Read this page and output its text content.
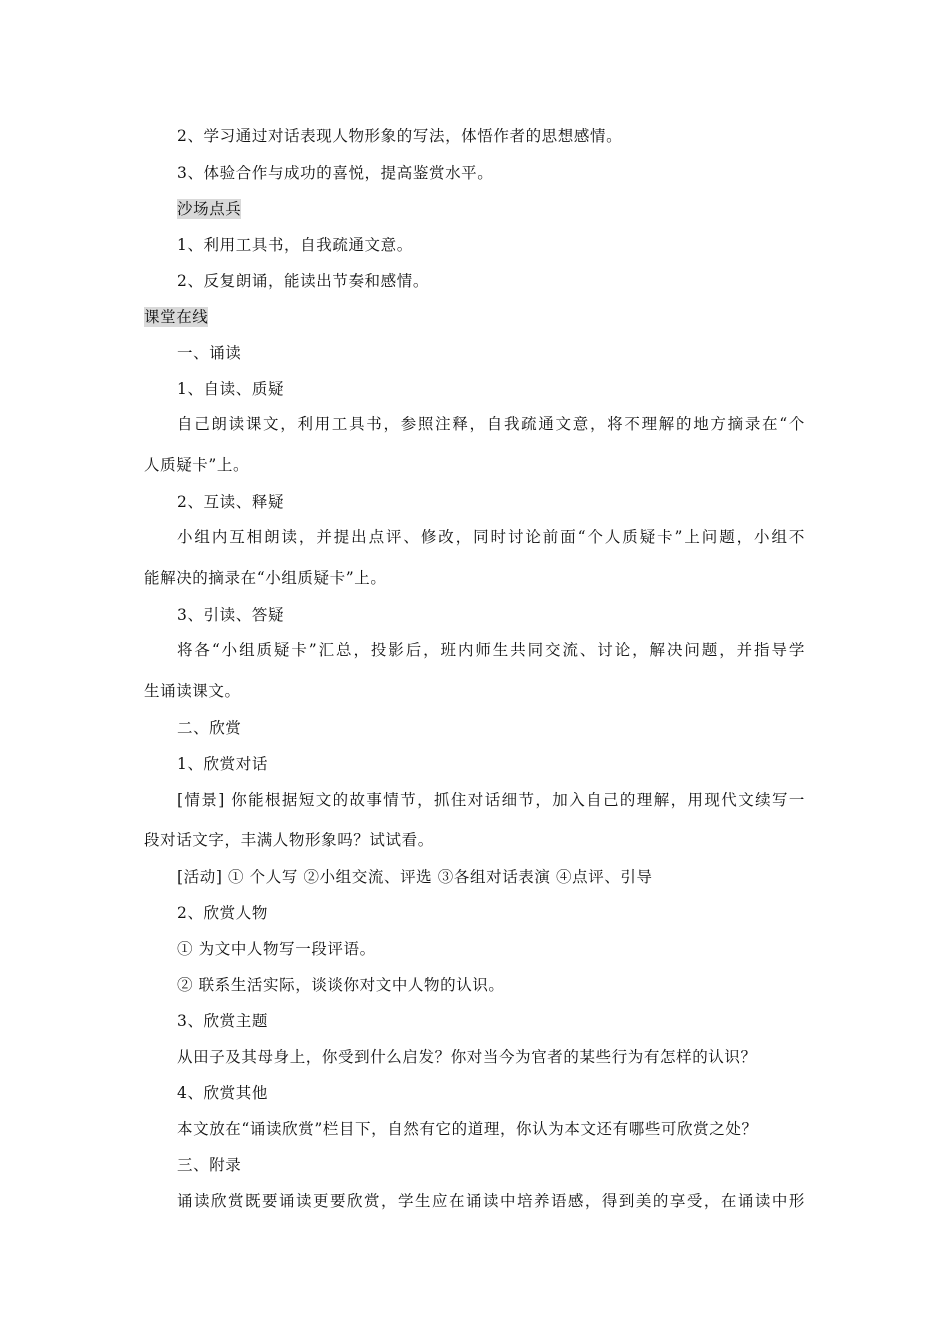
2、学习通过对话表现人物形象的写法，体悟作者的思想感情。
3、体验合作与成功的喜悦，提高鉴赏水平。
沙场点兵
1、利用工具书，自我疏通文意。
2、反复朗诵，能读出节奏和感情。
课堂在线
一、诵读
1、自读、质疑
自己朗读课文，利用工具书，参照注释，自我疏通文意，将不理解的地方摘录在“个
人质疑卡”上。
2、互读、释疑
小组内互相朗读，并提出点评、修改，同时讨论前面“个人质疑卡”上问题，小组不
能解决的摘录在“小组质疑卡”上。
3、引读、答疑
将各“小组质疑卡”汇总，投影后，班内师生共同交流、讨论，解决问题，并指导学
生诵读课文。
二、欣赏
1、欣赏对话
[情景] 你能根据短文的故事情节，抓住对话细节，加入自己的理解，用现代文续写一
段对话文字，丰满人物形象吗？试试看。
[活动] ① 个人写 ②小组交流、评选 ③各组对话表演 ④点评、引导
2、欣赏人物
① 为文中人物写一段评语。
② 联系生活实际，谈谈你对文中人物的认识。
3、欣赏主题
从田子及其母身上，你受到什么启发？你对当今为官者的某些行为有怎样的认识？
4、欣赏其他
本文放在“诵读欣赏”栏目下，自然有它的道理，你认为本文还有哪些可欣赏之处？
三、附录
诵读欣赏既要诵读更要欣赏，学生应在诵读中培养语感，得到美的享受，在诵读中形
